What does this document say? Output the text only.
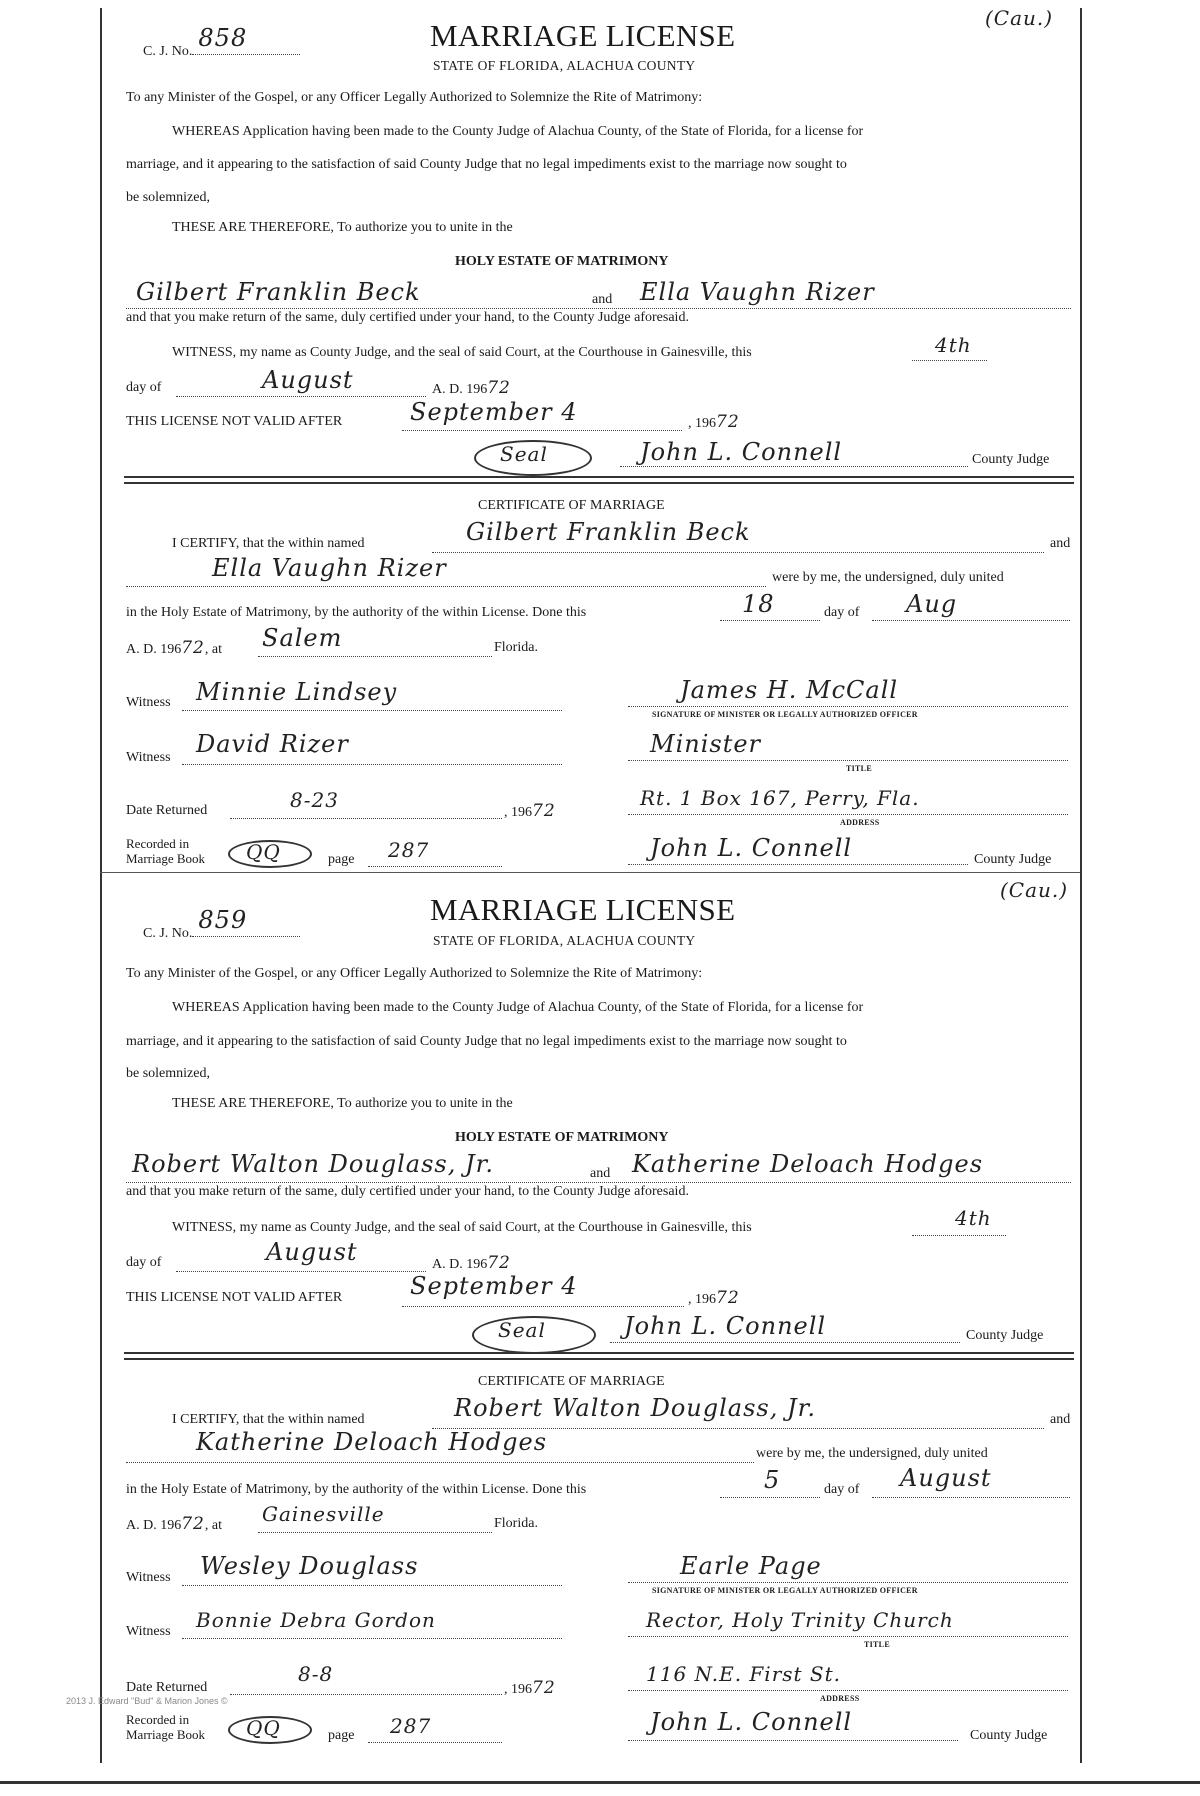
C. J. No. 858	MARRIAGE LICENSE
STATE OF FLORIDA, ALACHUA COUNTY
(Cau.)
To any Minister of the Gospel, or any Officer Legally Authorized to Solemnize the Rite of Matrimony:
WHEREAS Application having been made to the County Judge of Alachua County, of the State of Florida, for a license for
marriage, and it appearing to the satisfaction of said County Judge that no legal impediments exist to the marriage now sought to
be solemnized,
THESE ARE THEREFORE, To authorize you to unite in the
HOLY ESTATE OF MATRIMONY
Gilbert Franklin Beck	and Ella Vaughn Rizer
and that you make return of the same, duly certified under your hand, to the County Judge aforesaid.
WITNESS, my name as County Judge, and the seal of said Court, at the Courthouse in Gainesville, this	4th
day of	August	A. D. 19672
THIS LICENSE NOT VALID AFTER	September 4	, 19672
Seal	John L. Connell	County Judge
CERTIFICATE OF MARRIAGE
I CERTIFY, that the within named	Gilbert Franklin Beck	and
Ella Vaughn Rizer	were by me, the undersigned, duly united
in the Holy Estate of Matrimony, by the authority of the within License. Done this	18	day of Aug
A. D. 19672, at Salem	Florida.
Witness Minnie Lindsey	James H. McCall
SIGNATURE OF MINISTER OR LEGALLY AUTHORIZED OFFICER
Witness David Rizer	Minister
TITLE
Date Returned	8-23
, 19672
Rt. 1 Box 167, Perry, Fla.
ADDRESS
Recorded in
Marriage Book QQ	page 287	John L. Connell	County Judge
C. J. No. 859	MARRIAGE LICENSE
STATE OF FLORIDA, ALACHUA COUNTY
(Cau.)
To any Minister of the Gospel, or any Officer Legally Authorized to Solemnize the Rite of Matrimony:
WHEREAS Application having been made to the County Judge of Alachua County, of the State of Florida, for a license for
marriage, and it appearing to the satisfaction of said County Judge that no legal impediments exist to the marriage now sought to
be solemnized,
THESE ARE THEREFORE, To authorize you to unite in the
HOLY ESTATE OF MATRIMONY
Robert Walton Douglass, Jr.	and Katherine Deloach Hodges
and that you make return of the same, duly certified under your hand, to the County Judge aforesaid.
WITNESS, my name as County Judge, and the seal of said Court, at the Courthouse in Gainesville, this	4th
day of	August	A. D. 19672
THIS LICENSE NOT VALID AFTER	September 4	, 19672
Seal	John L. Connell	County Judge
CERTIFICATE OF MARRIAGE
I CERTIFY, that the within named	Robert Walton Douglass, Jr.	and
Katherine Deloach Hodges	were by me, the undersigned, duly united
in the Holy Estate of Matrimony, by the authority of the within License. Done this	5	day of August
A. D. 19672, at Gainesville	Florida.
Witness Wesley Douglass	Earle Page
SIGNATURE OF MINISTER OR LEGALLY AUTHORIZED OFFICER
Witness Bonnie Debra Gordon	Rector, Holy Trinity Church
TITLE
Date Returned
8-8
, 19672
116 N.E. First St.
ADDRESS
Recorded in
Marriage Book QQ	page 287	John L. Connell	County Judge
2013 J. Edward "Bud" & Marion Jones ©
